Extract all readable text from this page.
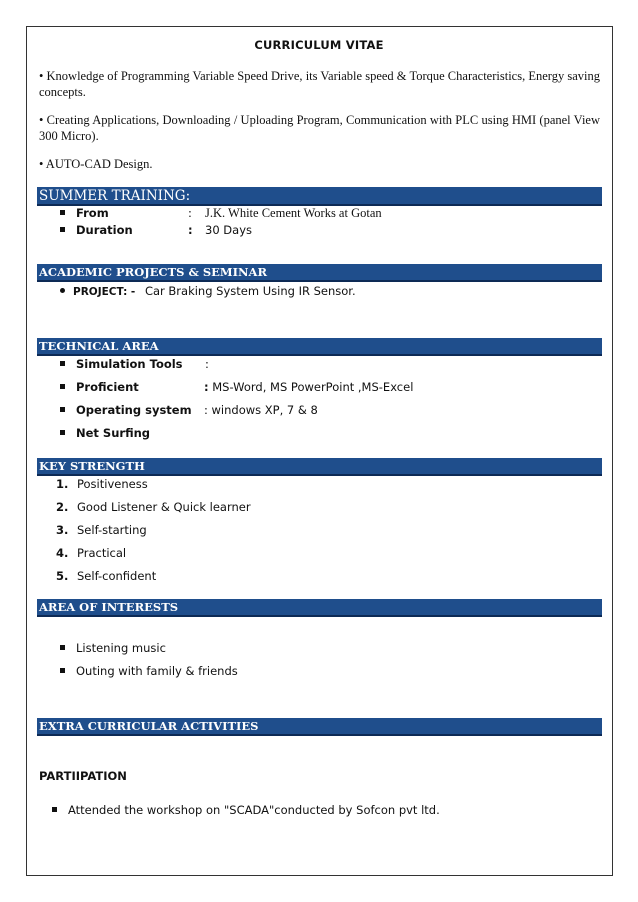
CURRICULUM VITAE
• Knowledge of Programming Variable Speed Drive, its Variable speed & Torque Characteristics, Energy saving concepts.
• Creating Applications, Downloading / Uploading Program, Communication with PLC using HMI (panel View 300 Micro).
• AUTO-CAD Design.
SUMMER TRAINING:
From	: J.K. White Cement Works at Gotan
Duration	: 30 Days
ACADEMIC PROJECTS & SEMINAR
PROJECT: - Car Braking System Using IR Sensor.
TECHNICAL AREA
Simulation Tools :
Proficient	: MS-Word, MS PowerPoint ,MS-Excel
Operating system : windows XP, 7 & 8
Net Surfing
KEY STRENGTH
1. Positiveness
2. Good Listener & Quick learner
3. Self-starting
4. Practical
5. Self-confident
AREA OF INTERESTS
Listening music
Outing with family & friends
EXTRA CURRICULAR ACTIVITIES
PARTIIPATION
Attended the workshop on "SCADA"conducted by Sofcon pvt ltd.
